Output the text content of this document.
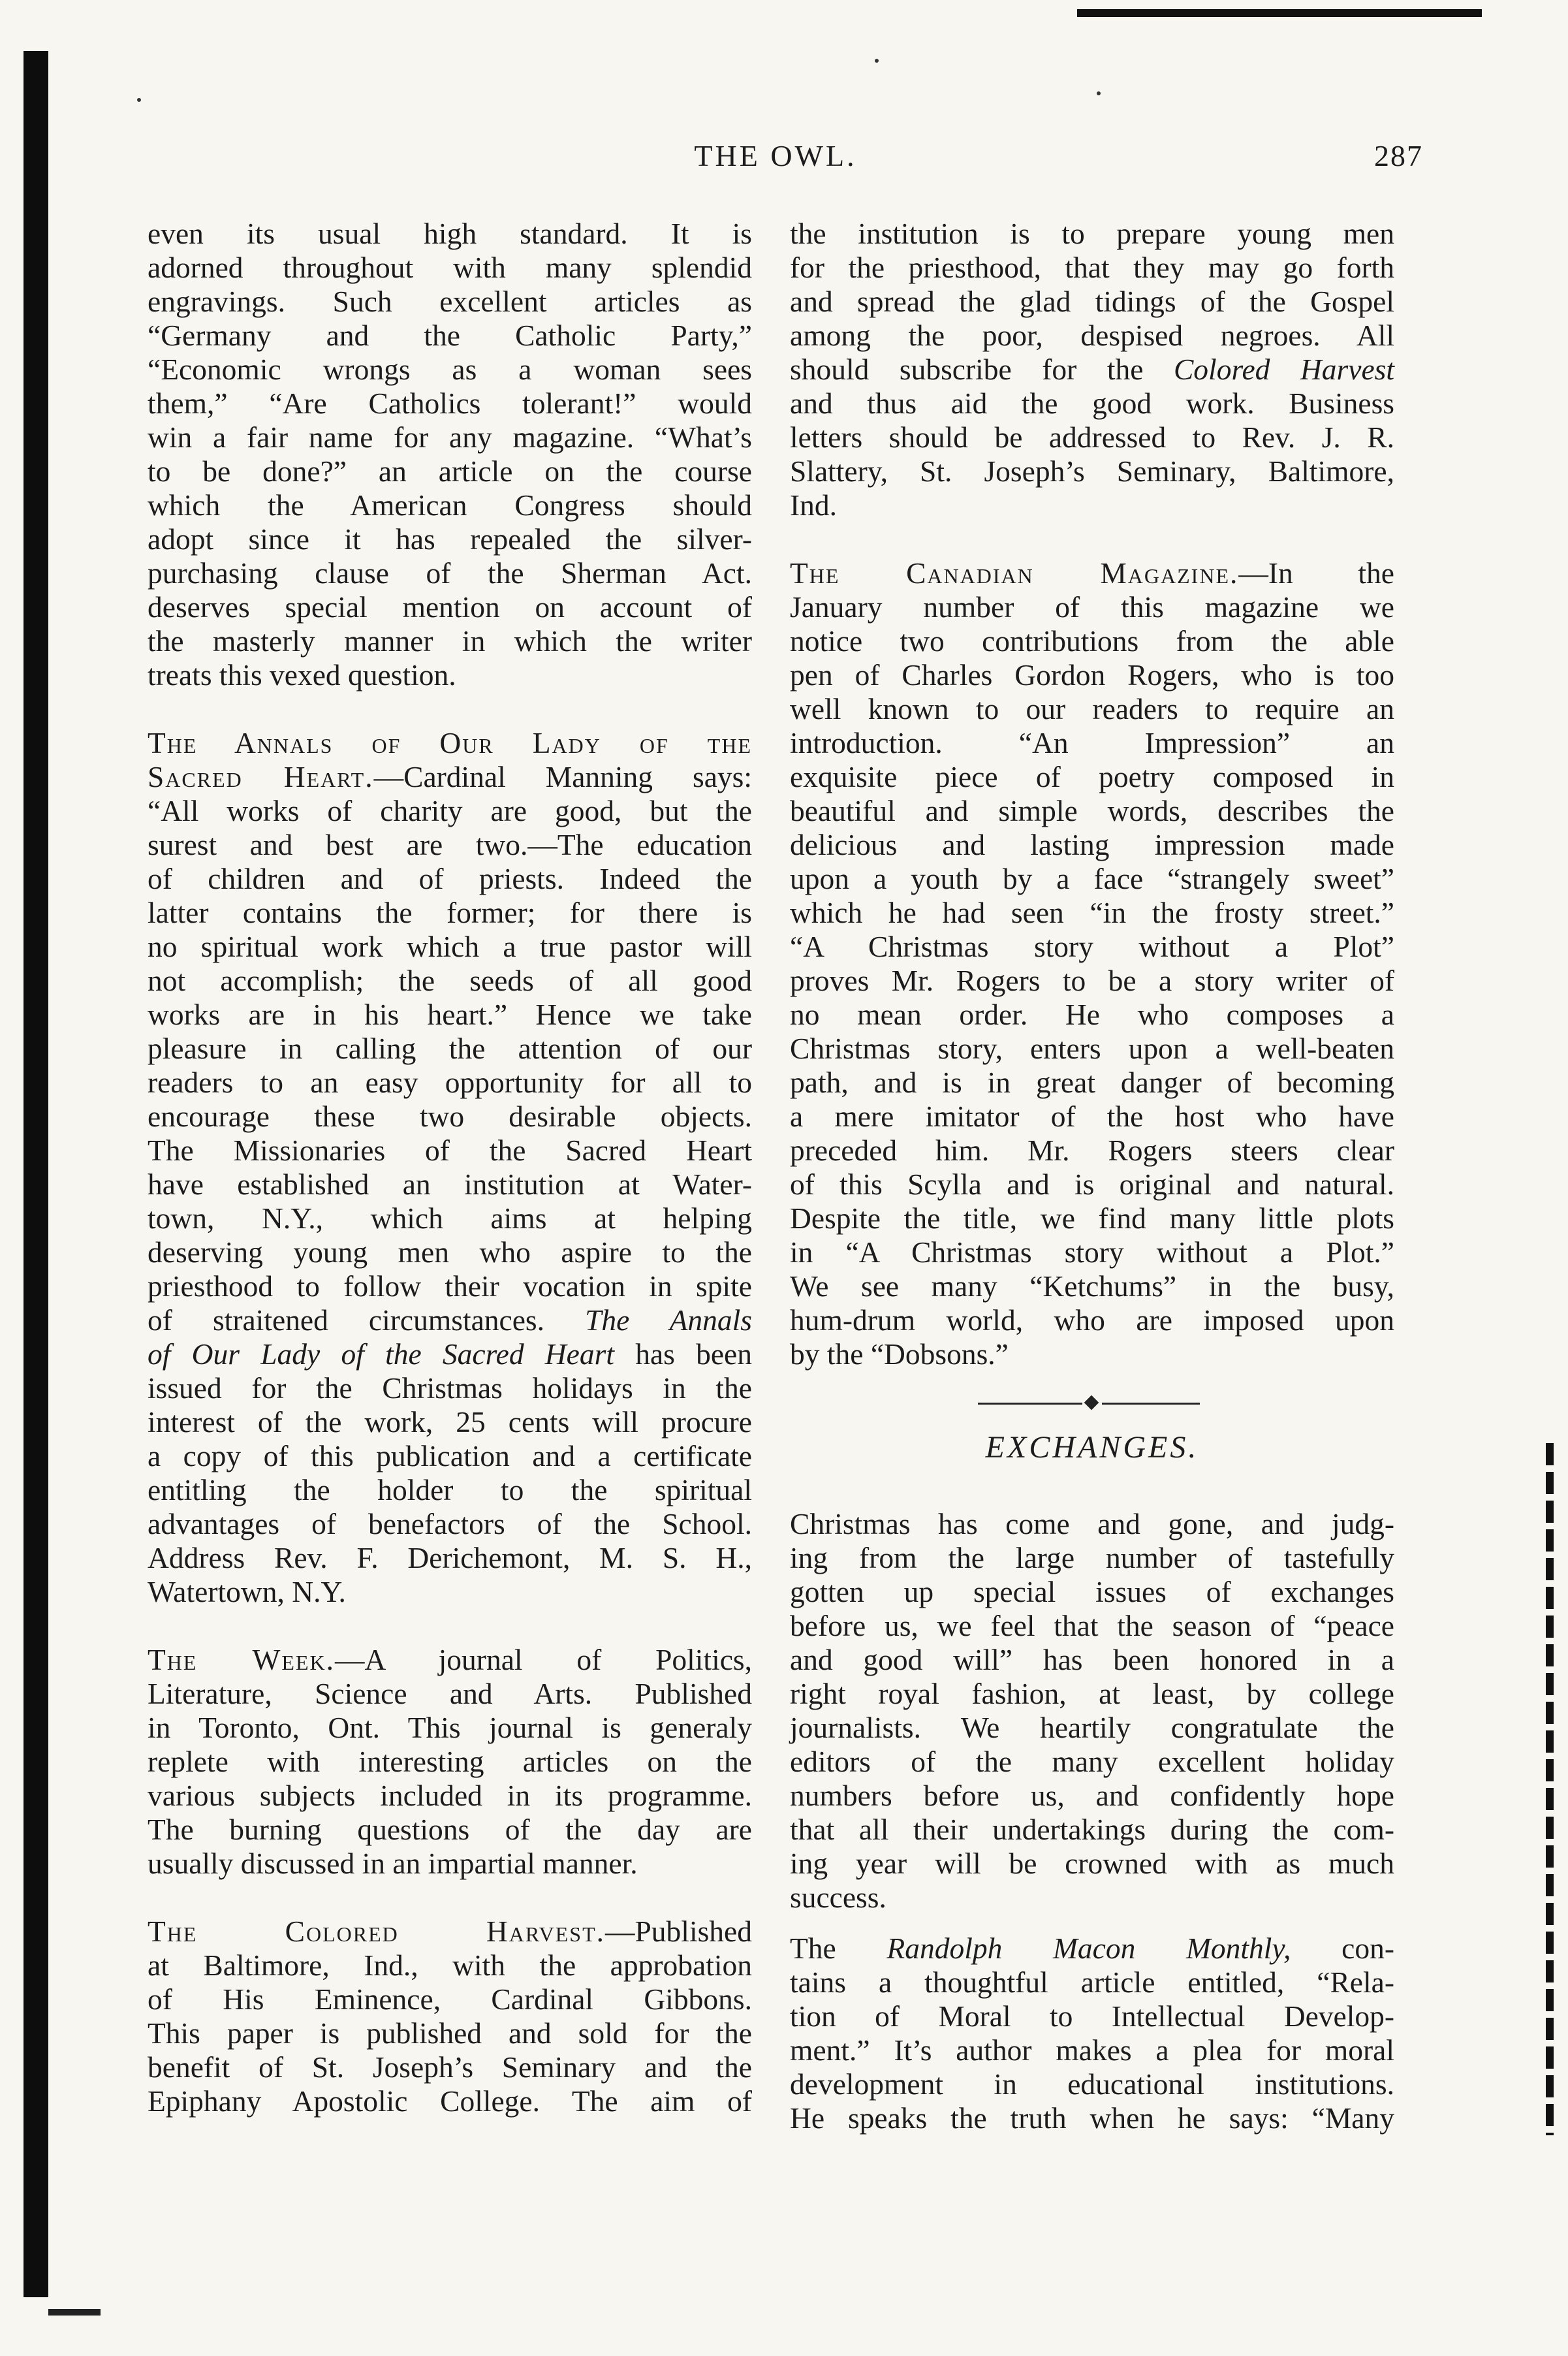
THE OWL.	287

even its usual high standard. It is
adorned throughout with many splendid
engravings. Such excellent articles as
“Germany and the Catholic Party,”
“Economic wrongs as a woman sees
them,” “Are Catholics tolerant!” would
win a fair name for any magazine. “What’s
to be done?” an article on the course
which the American Congress should
adopt since it has repealed the silver-
purchasing clause of the Sherman Act.
deserves special mention on account of
the masterly manner in which the writer
treats this vexed question.

The Annals of Our Lady of the
Sacred Heart.—Cardinal Manning says:
“All works of charity are good, but the
surest and best are two.—The education
of children and of priests. Indeed the
latter contains the former; for there is
no spiritual work which a true pastor will
not accomplish; the seeds of all good
works are in his heart.” Hence we take
pleasure in calling the attention of our
readers to an easy opportunity for all to
encourage these two desirable objects.
The Missionaries of the Sacred Heart
have established an institution at Water-
town, N.Y., which aims at helping
deserving young men who aspire to the
priesthood to follow their vocation in spite
of straitened circumstances. The Annals
of Our Lady of the Sacred Heart has been
issued for the Christmas holidays in the
interest of the work, 25 cents will procure
a copy of this publication and a certificate
entitling the holder to the spiritual
advantages of benefactors of the School.
Address Rev. F. Derichemont, M. S. H.,
Watertown, N.Y.

The Week.—A journal of Politics,
Literature, Science and Arts. Published
in Toronto, Ont. This journal is generaly
replete with interesting articles on the
various subjects included in its programme.
The burning questions of the day are
usually discussed in an impartial manner.

The Colored Harvest.—Published
at Baltimore, Ind., with the approbation
of His Eminence, Cardinal Gibbons.
This paper is published and sold for the
benefit of St. Joseph’s Seminary and the
Epiphany Apostolic College. The aim of

the institution is to prepare young men
for the priesthood, that they may go forth
and spread the glad tidings of the Gospel
among the poor, despised negroes. All
should subscribe for the Colored Harvest
and thus aid the good work. Business
letters should be addressed to Rev. J. R.
Slattery, St. Joseph’s Seminary, Baltimore,
Ind.

The Canadian Magazine.—In the
January number of this magazine we
notice two contributions from the able
pen of Charles Gordon Rogers, who is too
well known to our readers to require an
introduction. “An Impression” an
exquisite piece of poetry composed in
beautiful and simple words, describes the
delicious and lasting impression made
upon a youth by a face “strangely sweet”
which he had seen “in the frosty street.”
“A Christmas story without a Plot”
proves Mr. Rogers to be a story writer of
no mean order. He who composes a
Christmas story, enters upon a well-beaten
path, and is in great danger of becoming
a mere imitator of the host who have
preceded him. Mr. Rogers steers clear
of this Scylla and is original and natural.
Despite the title, we find many little plots
in “A Christmas story without a Plot.”
We see many “Ketchums” in the busy,
hum-drum world, who are imposed upon
by the “Dobsons.”

EXCHANGES.

Christmas has come and gone, and judg-
ing from the large number of tastefully
gotten up special issues of exchanges
before us, we feel that the season of “peace
and good will” has been honored in a
right royal fashion, at least, by college
journalists. We heartily congratulate the
editors of the many excellent holiday
numbers before us, and confidently hope
that all their undertakings during the com-
ing year will be crowned with as much
success.

The Randolph Macon Monthly, con-
tains a thoughtful article entitled, “Rela-
tion of Moral to Intellectual Develop-
ment.” It’s author makes a plea for moral
development in educational institutions.
He speaks the truth when he says: “Many
